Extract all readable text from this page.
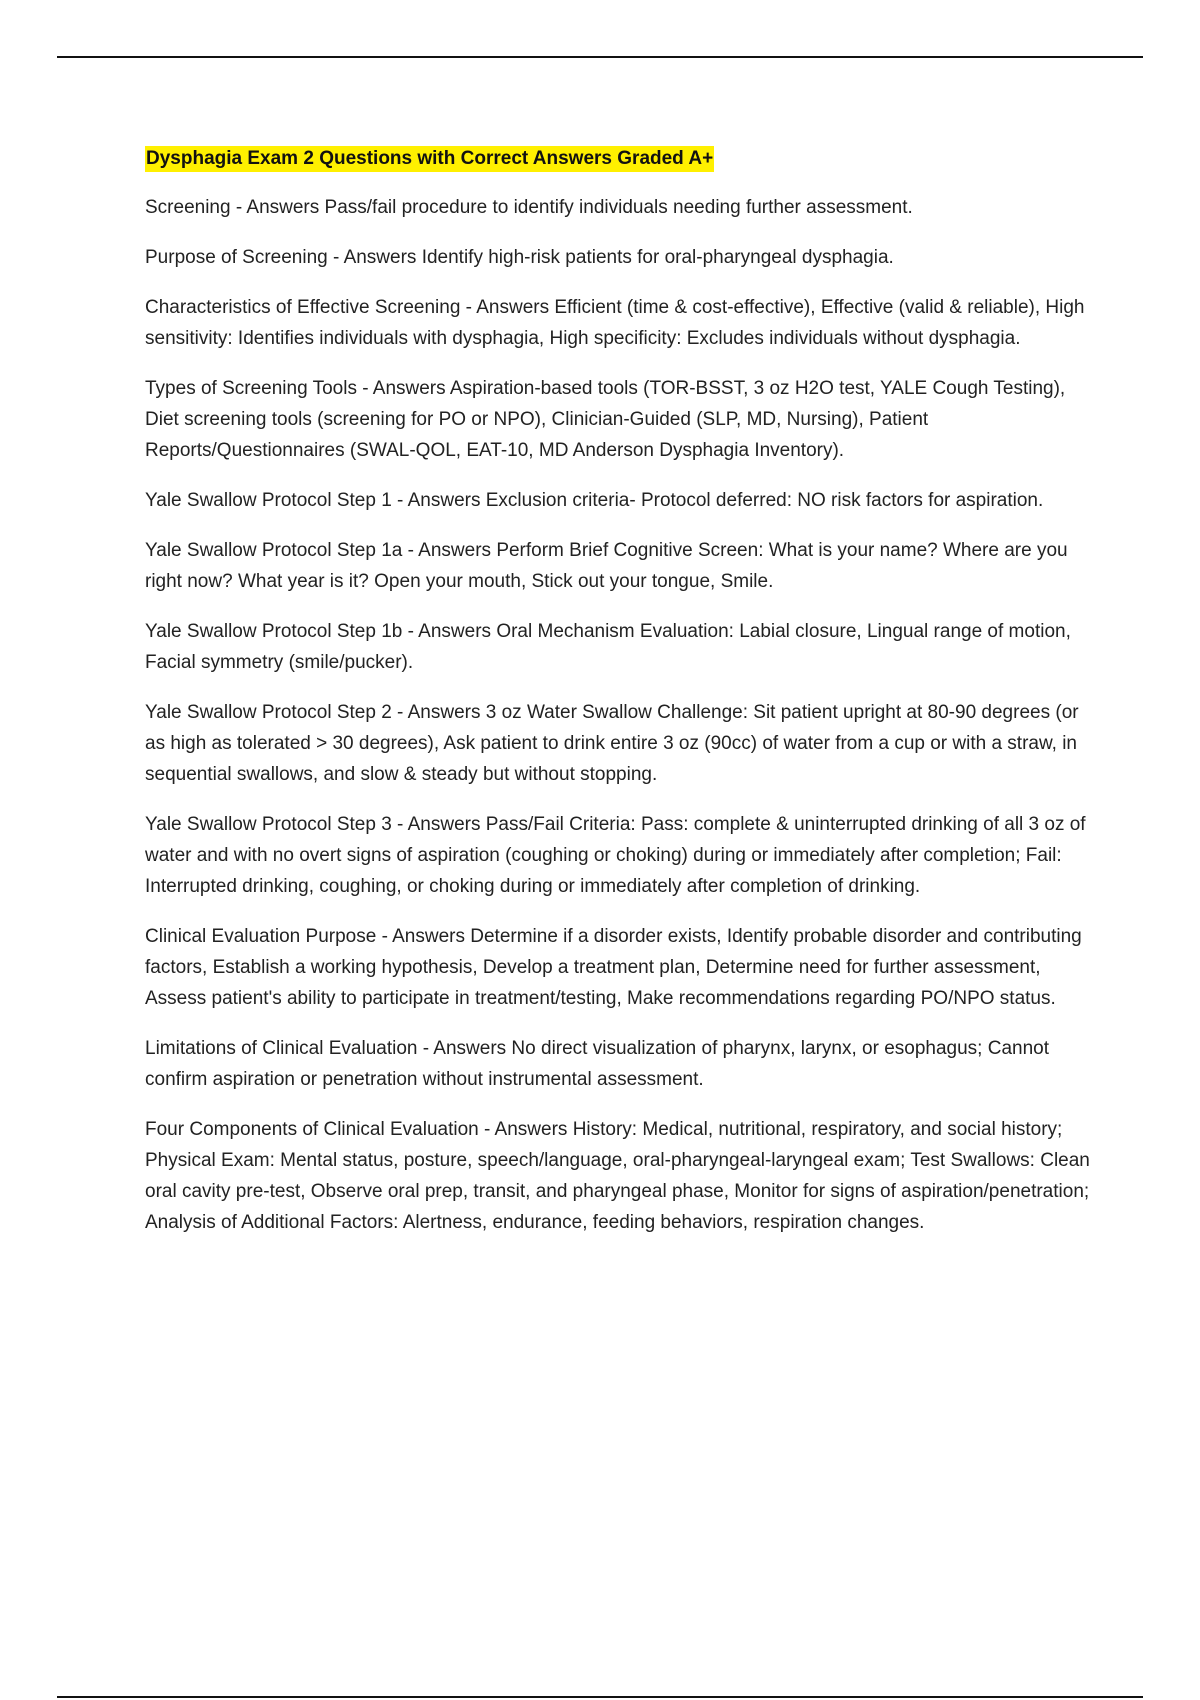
Dysphagia Exam 2 Questions with Correct Answers Graded A+
Screening - Answers Pass/fail procedure to identify individuals needing further assessment.
Purpose of Screening - Answers Identify high-risk patients for oral-pharyngeal dysphagia.
Characteristics of Effective Screening - Answers Efficient (time & cost-effective), Effective (valid & reliable), High sensitivity: Identifies individuals with dysphagia, High specificity: Excludes individuals without dysphagia.
Types of Screening Tools - Answers Aspiration-based tools (TOR-BSST, 3 oz H2O test, YALE Cough Testing), Diet screening tools (screening for PO or NPO), Clinician-Guided (SLP, MD, Nursing), Patient Reports/Questionnaires (SWAL-QOL, EAT-10, MD Anderson Dysphagia Inventory).
Yale Swallow Protocol Step 1 - Answers Exclusion criteria- Protocol deferred: NO risk factors for aspiration.
Yale Swallow Protocol Step 1a - Answers Perform Brief Cognitive Screen: What is your name? Where are you right now? What year is it? Open your mouth, Stick out your tongue, Smile.
Yale Swallow Protocol Step 1b - Answers Oral Mechanism Evaluation: Labial closure, Lingual range of motion, Facial symmetry (smile/pucker).
Yale Swallow Protocol Step 2 - Answers 3 oz Water Swallow Challenge: Sit patient upright at 80-90 degrees (or as high as tolerated > 30 degrees), Ask patient to drink entire 3 oz (90cc) of water from a cup or with a straw, in sequential swallows, and slow & steady but without stopping.
Yale Swallow Protocol Step 3 - Answers Pass/Fail Criteria: Pass: complete & uninterrupted drinking of all 3 oz of water and with no overt signs of aspiration (coughing or choking) during or immediately after completion; Fail: Interrupted drinking, coughing, or choking during or immediately after completion of drinking.
Clinical Evaluation Purpose - Answers Determine if a disorder exists, Identify probable disorder and contributing factors, Establish a working hypothesis, Develop a treatment plan, Determine need for further assessment, Assess patient's ability to participate in treatment/testing, Make recommendations regarding PO/NPO status.
Limitations of Clinical Evaluation - Answers No direct visualization of pharynx, larynx, or esophagus; Cannot confirm aspiration or penetration without instrumental assessment.
Four Components of Clinical Evaluation - Answers History: Medical, nutritional, respiratory, and social history; Physical Exam: Mental status, posture, speech/language, oral-pharyngeal-laryngeal exam; Test Swallows: Clean oral cavity pre-test, Observe oral prep, transit, and pharyngeal phase, Monitor for signs of aspiration/penetration; Analysis of Additional Factors: Alertness, endurance, feeding behaviors, respiration changes.
